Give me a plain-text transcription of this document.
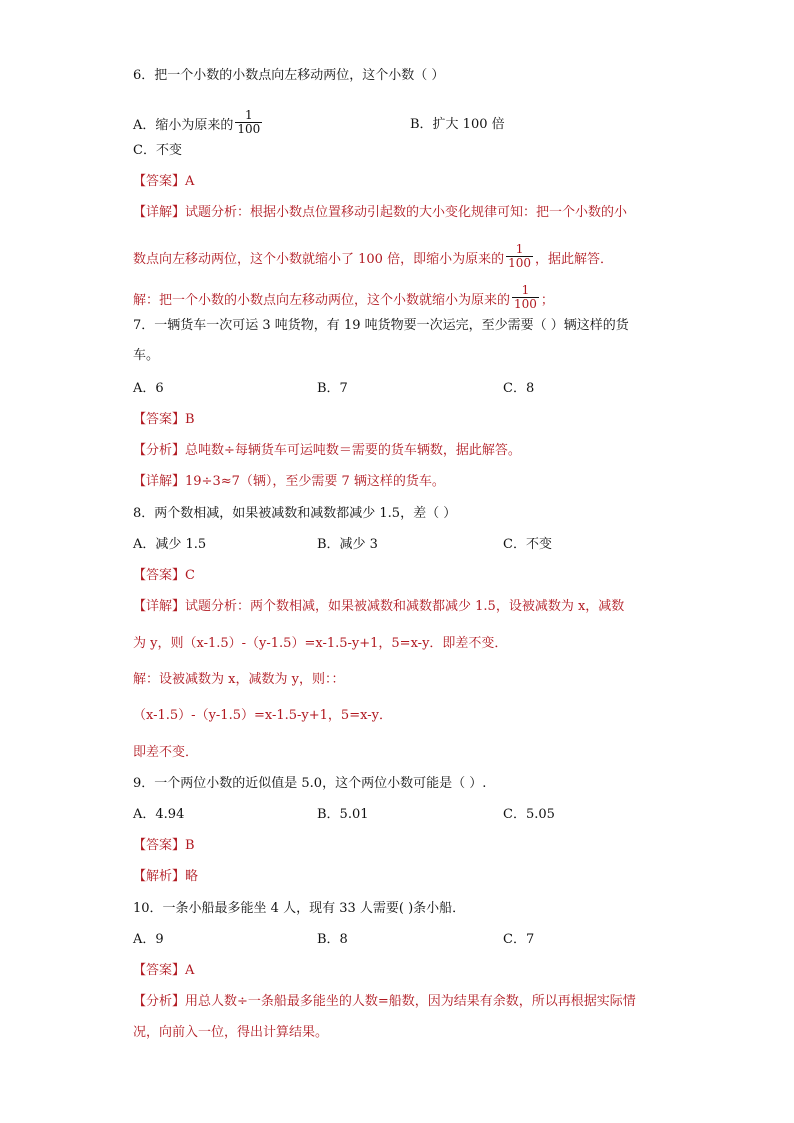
6．把一个小数的小数点向左移动两位，这个小数（ ）
A．缩小为原来的 $\frac{1}{100}$	B．扩大 100 倍
C．不变
【答案】A
【详解】试题分析：根据小数点位置移动引起数的大小变化规律可知：把一个小数的小
数点向左移动两位，这个小数就缩小了 100 倍，即缩小为原来的 $\frac{1}{100}$ ，据此解答．
解：把一个小数的小数点向左移动两位，这个小数就缩小为原来的 $\frac{1}{100}$ ；
7．一辆货车一次可运 3 吨货物，有 19 吨货物要一次运完，至少需要（ ）辆这样的货
车。
A．6	B．7	C．8
【答案】B
【分析】总吨数÷每辆货车可运吨数＝需要的货车辆数，据此解答。
【详解】19÷3≈7（辆），至少需要 7 辆这样的货车。
8．两个数相减，如果被减数和减数都减少 1.5，差（ ）
A．减少 1.5	B．减少 3	C．不变
【答案】C
【详解】试题分析：两个数相减，如果被减数和减数都减少 1.5，设被减数为 x，减数
为 y，则（x-1.5）-（y-1.5）=x-1.5-y+1，5=x-y．即差不变．
解：设被减数为 x，减数为 y，则：：
（x-1.5）-（y-1.5）=x-1.5-y+1，5=x-y．
即差不变．
9．一个两位小数的近似值是 5.0，这个两位小数可能是（ ）.
A．4.94	B．5.01	C．5.05
【答案】B
【解析】略
10．一条小船最多能坐 4 人，现有 33 人需要( )条小船．
A．9	B．8	C．7
【答案】A
【分析】用总人数÷一条船最多能坐的人数=船数，因为结果有余数，所以再根据实际情
况，向前入一位，得出计算结果。
